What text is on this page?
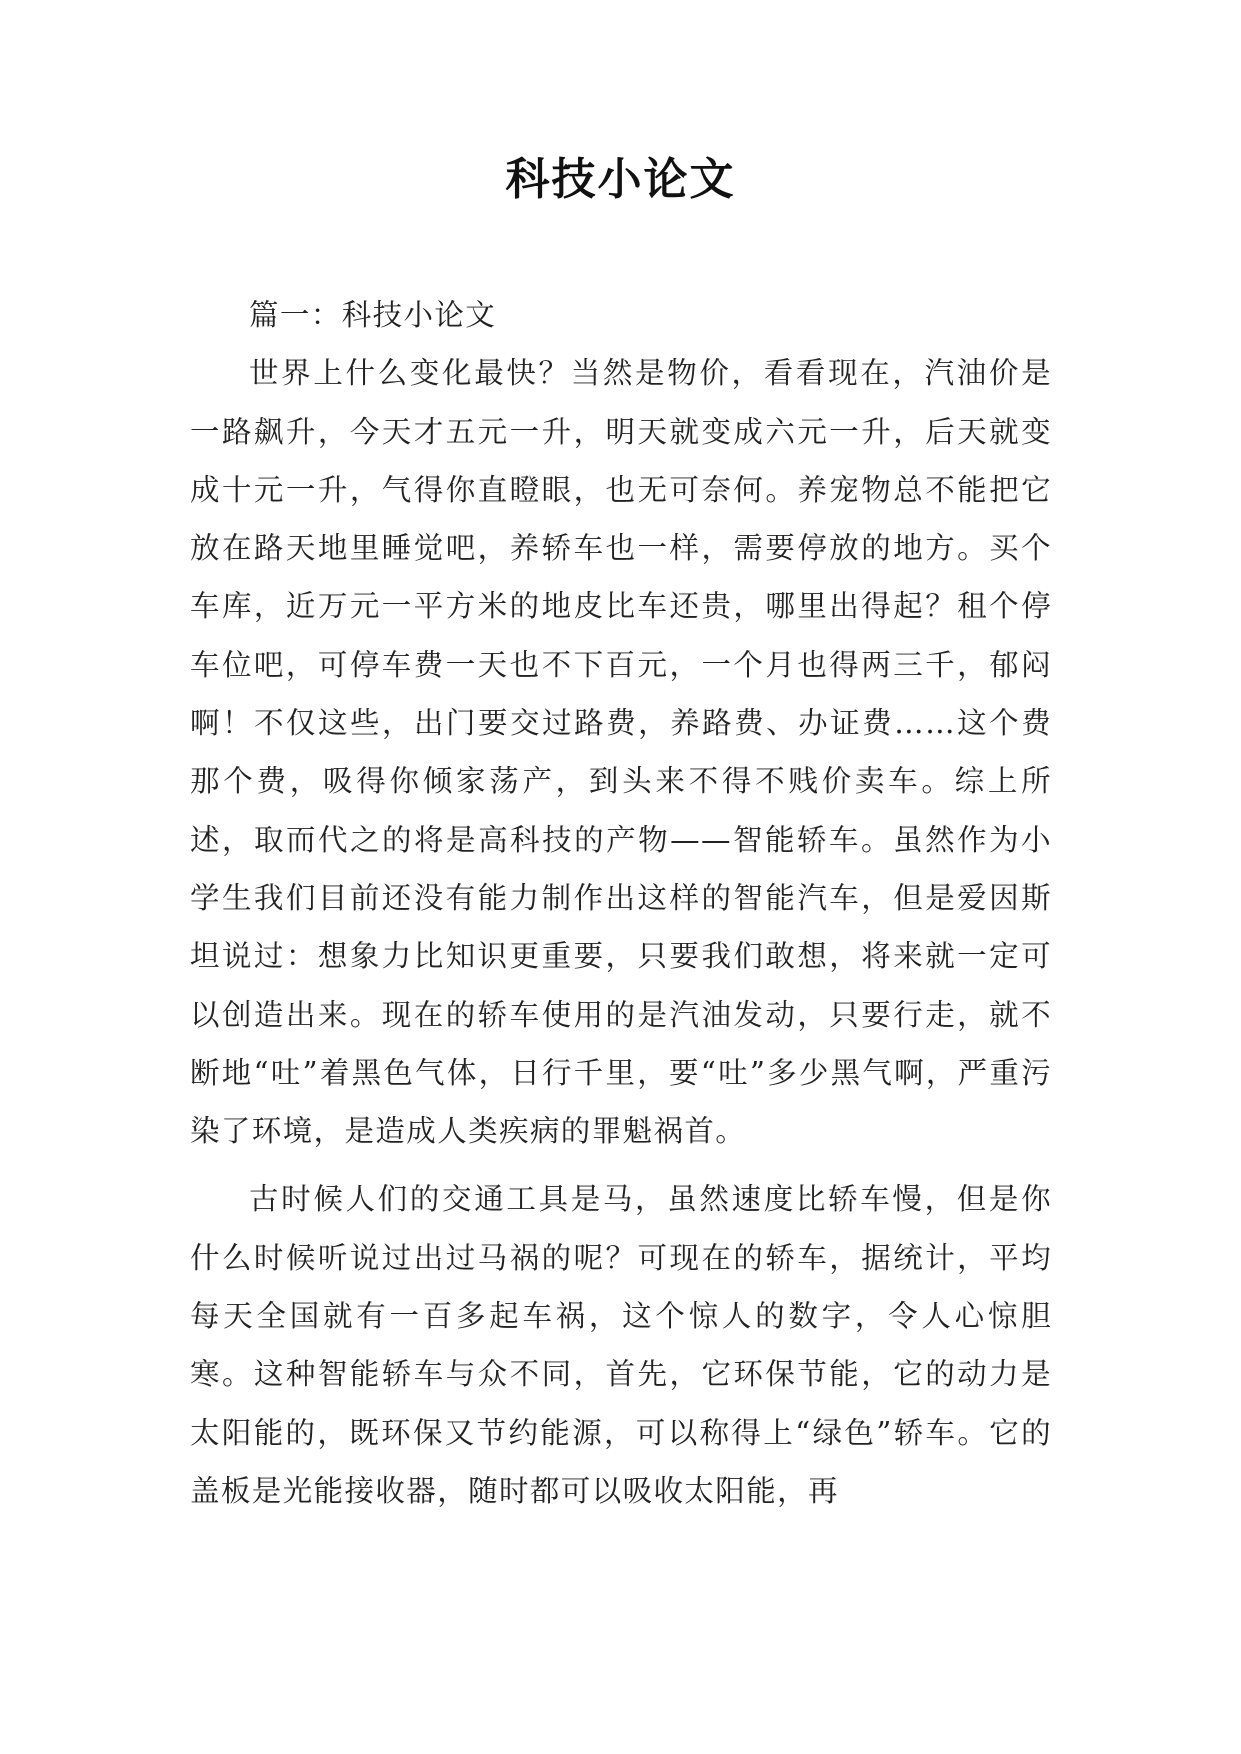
科技小论文

篇一：科技小论文

世界上什么变化最快？当然是物价，看看现在，汽油价是一路飙升，今天才五元一升，明天就变成六元一升，后天就变成十元一升，气得你直瞪眼，也无可奈何。养宠物总不能把它放在路天地里睡觉吧，养轿车也一样，需要停放的地方。买个车库，近万元一平方米的地皮比车还贵，哪里出得起？租个停车位吧，可停车费一天也不下百元，一个月也得两三千，郁闷啊！不仅这些，出门要交过路费，养路费、办证费……这个费那个费，吸得你倾家荡产，到头来不得不贱价卖车。综上所述，取而代之的将是高科技的产物——智能轿车。虽然作为小学生我们目前还没有能力制作出这样的智能汽车，但是爱因斯坦说过：想象力比知识更重要，只要我们敢想，将来就一定可以创造出来。现在的轿车使用的是汽油发动，只要行走，就不断地“吐”着黑色气体，日行千里，要“吐”多少黑气啊，严重污染了环境，是造成人类疾病的罪魁祸首。

古时候人们的交通工具是马，虽然速度比轿车慢，但是你什么时候听说过出过马祸的呢？可现在的轿车，据统计，平均每天全国就有一百多起车祸，这个惊人的数字，令人心惊胆寒。这种智能轿车与众不同，首先，它环保节能，它的动力是太阳能的，既环保又节约能源，可以称得上“绿色”轿车。它的盖板是光能接收器，随时都可以吸收太阳能，再
